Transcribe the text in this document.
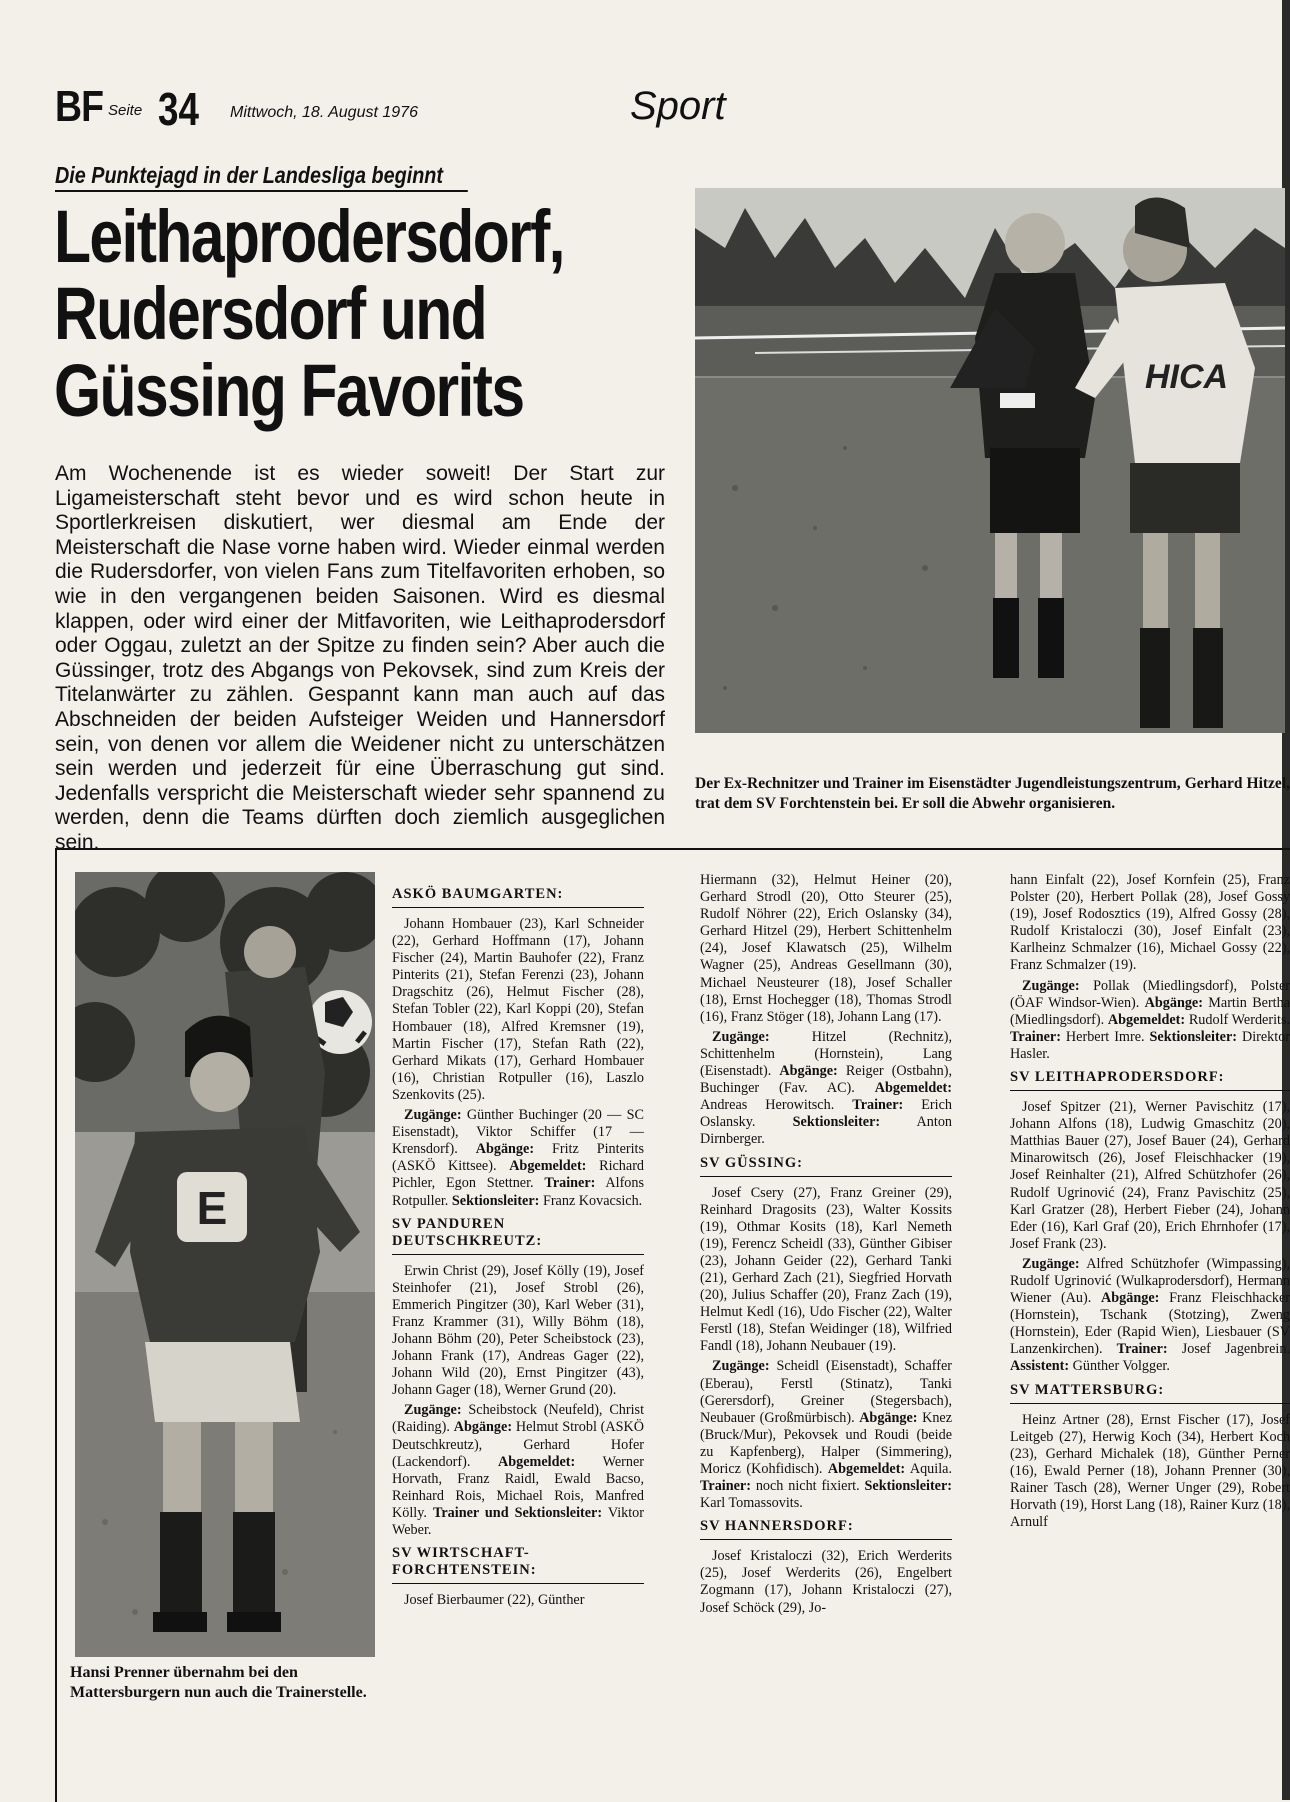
BF Seite 34 Mittwoch, 18. August 1976	Sport
Die Punktejagd in der Landesliga beginnt
Leithaprodersdorf,
Rudersdorf und
Güssing Favorits
Am Wochenende ist es wieder soweit! Der Start zur Ligameisterschaft steht bevor und es wird schon heute in Sportlerkreisen diskutiert, wer diesmal am Ende der Meisterschaft die Nase vorne haben wird. Wieder einmal werden die Rudersdorfer, von vielen Fans zum Titelfavoriten erhoben, so wie in den vergangenen beiden Saisonen. Wird es diesmal klappen, oder wird einer der Mitfavoriten, wie Leithaprodersdorf oder Oggau, zuletzt an der Spitze zu finden sein? Aber auch die Güssinger, trotz des Abgangs von Pekovsek, sind zum Kreis der Titelanwärter zu zählen. Gespannt kann man auch auf das Abschneiden der beiden Aufsteiger Weiden und Hannersdorf sein, von denen vor allem die Weidener nicht zu unterschätzen sein werden und jederzeit für eine Überraschung gut sind. Jedenfalls verspricht die Meisterschaft wieder sehr spannend zu werden, denn die Teams dürften doch ziemlich ausgeglichen sein.
HICA
Der Ex-Rechnitzer und Trainer im Eisenstädter Jugendleistungszentrum, Gerhard Hitzel, trat dem SV Forchtenstein bei. Er soll die Abwehr organisieren.
E
Hansi Prenner übernahm bei den Mattersburgern nun auch die Trainerstelle.
ASKÖ BAUMGARTEN:

Johann Hombauer (23), Karl Schneider (22), Gerhard Hoffmann (17), Johann Fischer (24), Martin Bauhofer (22), Franz Pinterits (21), Stefan Ferenzi (23), Johann Dragschitz (26), Helmut Fischer (28), Stefan Tobler (22), Karl Koppi (20), Stefan Hombauer (18), Alfred Kremsner (19), Martin Fischer (17), Stefan Rath (22), Gerhard Mikats (17), Gerhard Hombauer (16), Christian Rotpuller (16), Laszlo Szenkovits (25).

Zugänge: Günther Buchinger (20 — SC Eisenstadt), Viktor Schiffer (17 — Krensdorf). Abgänge: Fritz Pinterits (ASKÖ Kittsee). Abgemeldet: Richard Pichler, Egon Stettner. Trainer: Alfons Rotpuller. Sektionsleiter: Franz Kovacsich.

SV PANDUREN DEUTSCHKREUTZ:

Erwin Christ (29), Josef Kölly (19), Josef Steinhofer (21), Josef Strobl (26), Emmerich Pingitzer (30), Karl Weber (31), Franz Krammer (31), Willy Böhm (18), Johann Böhm (20), Peter Scheibstock (23), Johann Frank (17), Andreas Gager (22), Johann Wild (20), Ernst Pingitzer (43), Johann Gager (18), Werner Grund (20).

Zugänge: Scheibstock (Neufeld), Christ (Raiding). Abgänge: Helmut Strobl (ASKÖ Deutschkreutz), Gerhard Hofer (Lackendorf). Abgemeldet: Werner Horvath, Franz Raidl, Ewald Bacso, Reinhard Rois, Michael Rois, Manfred Kölly. Trainer und Sektionsleiter: Viktor Weber.

SV WIRTSCHAFT-FORCHTENSTEIN:

Josef Bierbaumer (22), Günther

Hiermann (32), Helmut Heiner (20), Gerhard Strodl (20), Otto Steurer (25), Rudolf Nöhrer (22), Erich Oslansky (34), Gerhard Hitzel (29), Herbert Schittenhelm (24), Josef Klawatsch (25), Wilhelm Wagner (25), Andreas Gesellmann (30), Michael Neusteurer (18), Josef Schaller (18), Ernst Hochegger (18), Thomas Strodl (16), Franz Stöger (18), Johann Lang (17).

Zugänge:	Hitzel (Rechnitz), Schittenhelm (Hornstein), Lang (Eisenstadt). Abgänge: Reiger (Ostbahn), Buchinger (Fav. AC). Abgemeldet: Andreas Herowitsch. Trainer: Erich Oslansky.	Sektionsleiter:	Anton Dirnberger.

SV GÜSSING:

Josef Csery (27), Franz Greiner (29), Reinhard Dragosits (23), Walter Kossits (19), Othmar Kosits (18), Karl Nemeth (19), Ferencz Scheidl (33), Günther Gibiser (23), Johann Geider (22), Gerhard Tanki (21), Gerhard Zach (21), Siegfried Horvath (20), Julius Schaffer (20), Franz Zach (19), Helmut Kedl (16), Udo Fischer (22), Walter Ferstl (18), Stefan Weidinger (18), Wilfried Fandl (18), Johann Neubauer (19).

Zugänge: Scheidl (Eisenstadt), Schaffer (Eberau), Ferstl (Stinatz), Tanki (Gerersdorf), Greiner (Stegersbach), Neubauer (Großmürbisch). Abgänge: Knez (Bruck/Mur), Pekovsek und Roudi (beide zu Kapfenberg), Halper (Simmering), Moricz (Kohfidisch). Abgemeldet: Aquila. Trainer: noch nicht fixiert. Sektionsleiter: Karl Tomassovits.

SV HANNERSDORF:

Josef Kristaloczi (32), Erich Werderits (25), Josef Werderits (26), Engelbert Zogmann (17), Johann Kristaloczi (27), Josef Schöck (29), Jo-

hann Einfalt (22), Josef Kornfein (25), Franz Polster (20), Herbert Pollak (28), Josef Gossy (19), Josef Rodosztics (19), Alfred Gossy (28), Rudolf Kristaloczi (30), Josef Einfalt (23), Karlheinz Schmalzer (16), Michael Gossy (22), Franz Schmalzer (19).

Zugänge: Pollak (Miedlingsdorf), Polster (ÖAF Windsor-Wien). Abgänge: Martin Bertha (Miedlingsdorf). Abgemeldet: Rudolf Werderits. Trainer: Herbert Imre. Sektionsleiter: Direktor Hasler.

SV LEITHAPRODERSDORF:

Josef Spitzer (21), Werner Pavischitz (17), Johann Alfons (18), Ludwig Gmaschitz (20), Matthias Bauer (27), Josef Bauer (24), Gerhard Minarowitsch (26), Josef Fleischhacker (19), Josef Reinhalter (21), Alfred Schützhofer (26), Rudolf Ugrinović (24), Franz Pavischitz (25), Karl Gratzer (28), Herbert Fieber (24), Johann Eder (16), Karl Graf (20), Erich Ehrnhofer (17), Josef Frank (23).

Zugänge: Alfred Schützhofer (Wimpassing), Rudolf Ugrinović (Wulkaprodersdorf), Hermann Wiener (Au). Abgänge: Franz Fleischhacker (Hornstein), Tschank (Stotzing), Zweng (Hornstein), Eder (Rapid Wien), Liesbauer (SV Lanzenkirchen). Trainer: Josef Jagenbrein. Assistent: Günther Volgger.

SV MATTERSBURG:

Heinz Artner (28), Ernst Fischer (17), Josef Leitgeb (27), Herwig Koch (34), Herbert Koch (23), Gerhard Michalek (18), Günther Perner (16), Ewald Perner (18), Johann Prenner (30), Rainer Tasch (28), Werner Unger (29), Robert Horvath (19), Horst Lang (18), Rainer Kurz (18), Arnulf
